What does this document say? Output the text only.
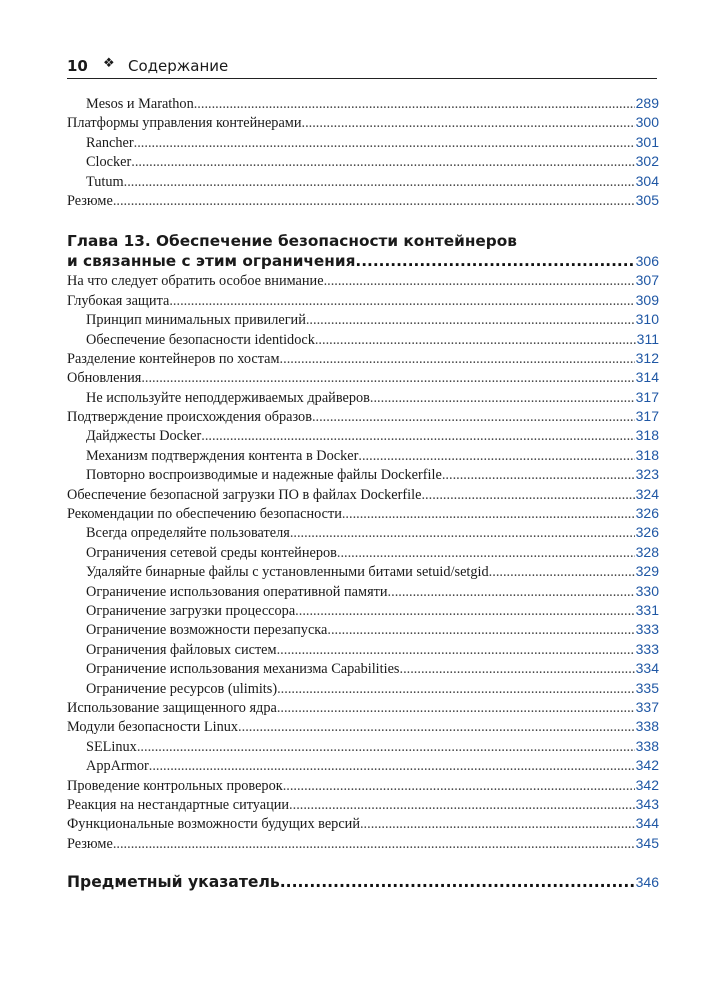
10 ❖ Содержание
Mesos и Marathon .....	289
Платформы управления контейнерами .....	300
Rancher .....	301
Clocker .....	302
Tutum .....	304
Резюме .....	305
Глава 13. Обеспечение безопасности контейнеров
и связанные с этим ограничения .....	306
На что следует обратить особое внимание .....	307
Глубокая защита .....	309
Принцип минимальных привилегий .....	310
Обеспечение безопасности identidock .....	311
Разделение контейнеров по хостам .....	312
Обновления .....	314
Не используйте неподдерживаемых драйверов .....	317
Подтверждение происхождения образов .....	317
Дайджесты Docker .....	318
Механизм подтверждения контента в Docker .....	318
Повторно воспроизводимые и надежные файлы Dockerfile .....	323
Обеспечение безопасной загрузки ПО в файлах Dockerfile .....	324
Рекомендации по обеспечению безопасности .....	326
Всегда определяйте пользователя .....	326
Ограничения сетевой среды контейнеров .....	328
Удаляйте бинарные файлы с установленными битами setuid/setgid .....	329
Ограничение использования оперативной памяти .....	330
Ограничение загрузки процессора .....	331
Ограничение возможности перезапуска .....	333
Ограничения файловых систем .....	333
Ограничение использования механизма Capabilities .....	334
Ограничение ресурсов (ulimits) .....	335
Использование защищенного ядра .....	337
Модули безопасности Linux .....	338
SELinux .....	338
AppArmor .....	342
Проведение контрольных проверок .....	342
Реакция на нестандартные ситуации .....	343
Функциональные возможности будущих версий .....	344
Резюме .....	345
Предметный указатель .....	346
